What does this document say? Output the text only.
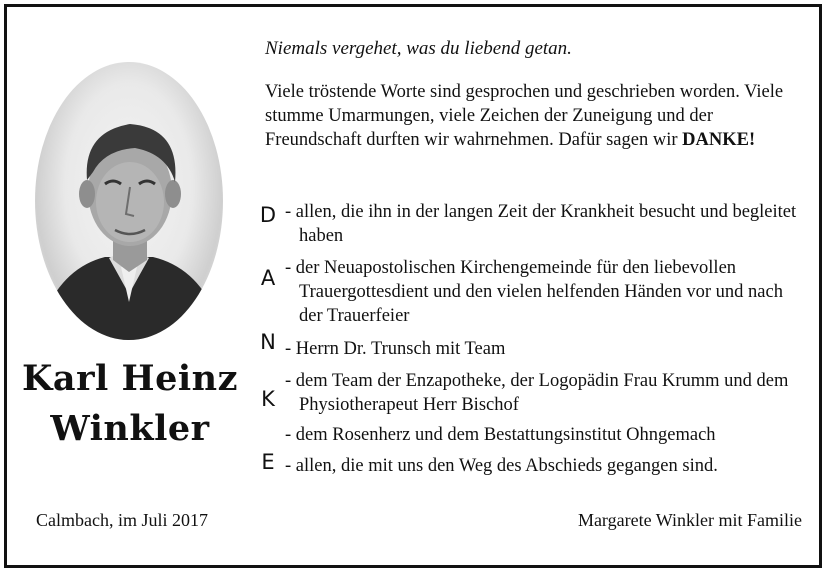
Karl Heinz
Winkler
Niemals vergehet, was du liebend getan.
Viele tröstende Worte sind gesprochen und geschrieben worden. Viele stumme Umarmungen, viele Zeichen der Zuneigung und der Freundschaft durften wir wahrnehmen. Dafür sagen wir DANKE!
D
A
N
K
E
- allen, die ihn in der langen Zeit der Krankheit besucht und begleitet haben
- der Neuapostolischen Kirchengemeinde für den liebevollen Trauergottesdient und den vielen helfenden Händen vor und nach der Trauerfeier
- Herrn Dr. Trunsch mit Team
- dem Team der Enzapotheke, der Logopädin Frau Krumm und dem Physiotherapeut Herr Bischof
- dem Rosenherz und dem Bestattungsinstitut Ohngemach
- allen, die mit uns den Weg des Abschieds gegangen sind.
Calmbach, im Juli 2017	Margarete Winkler mit Familie
